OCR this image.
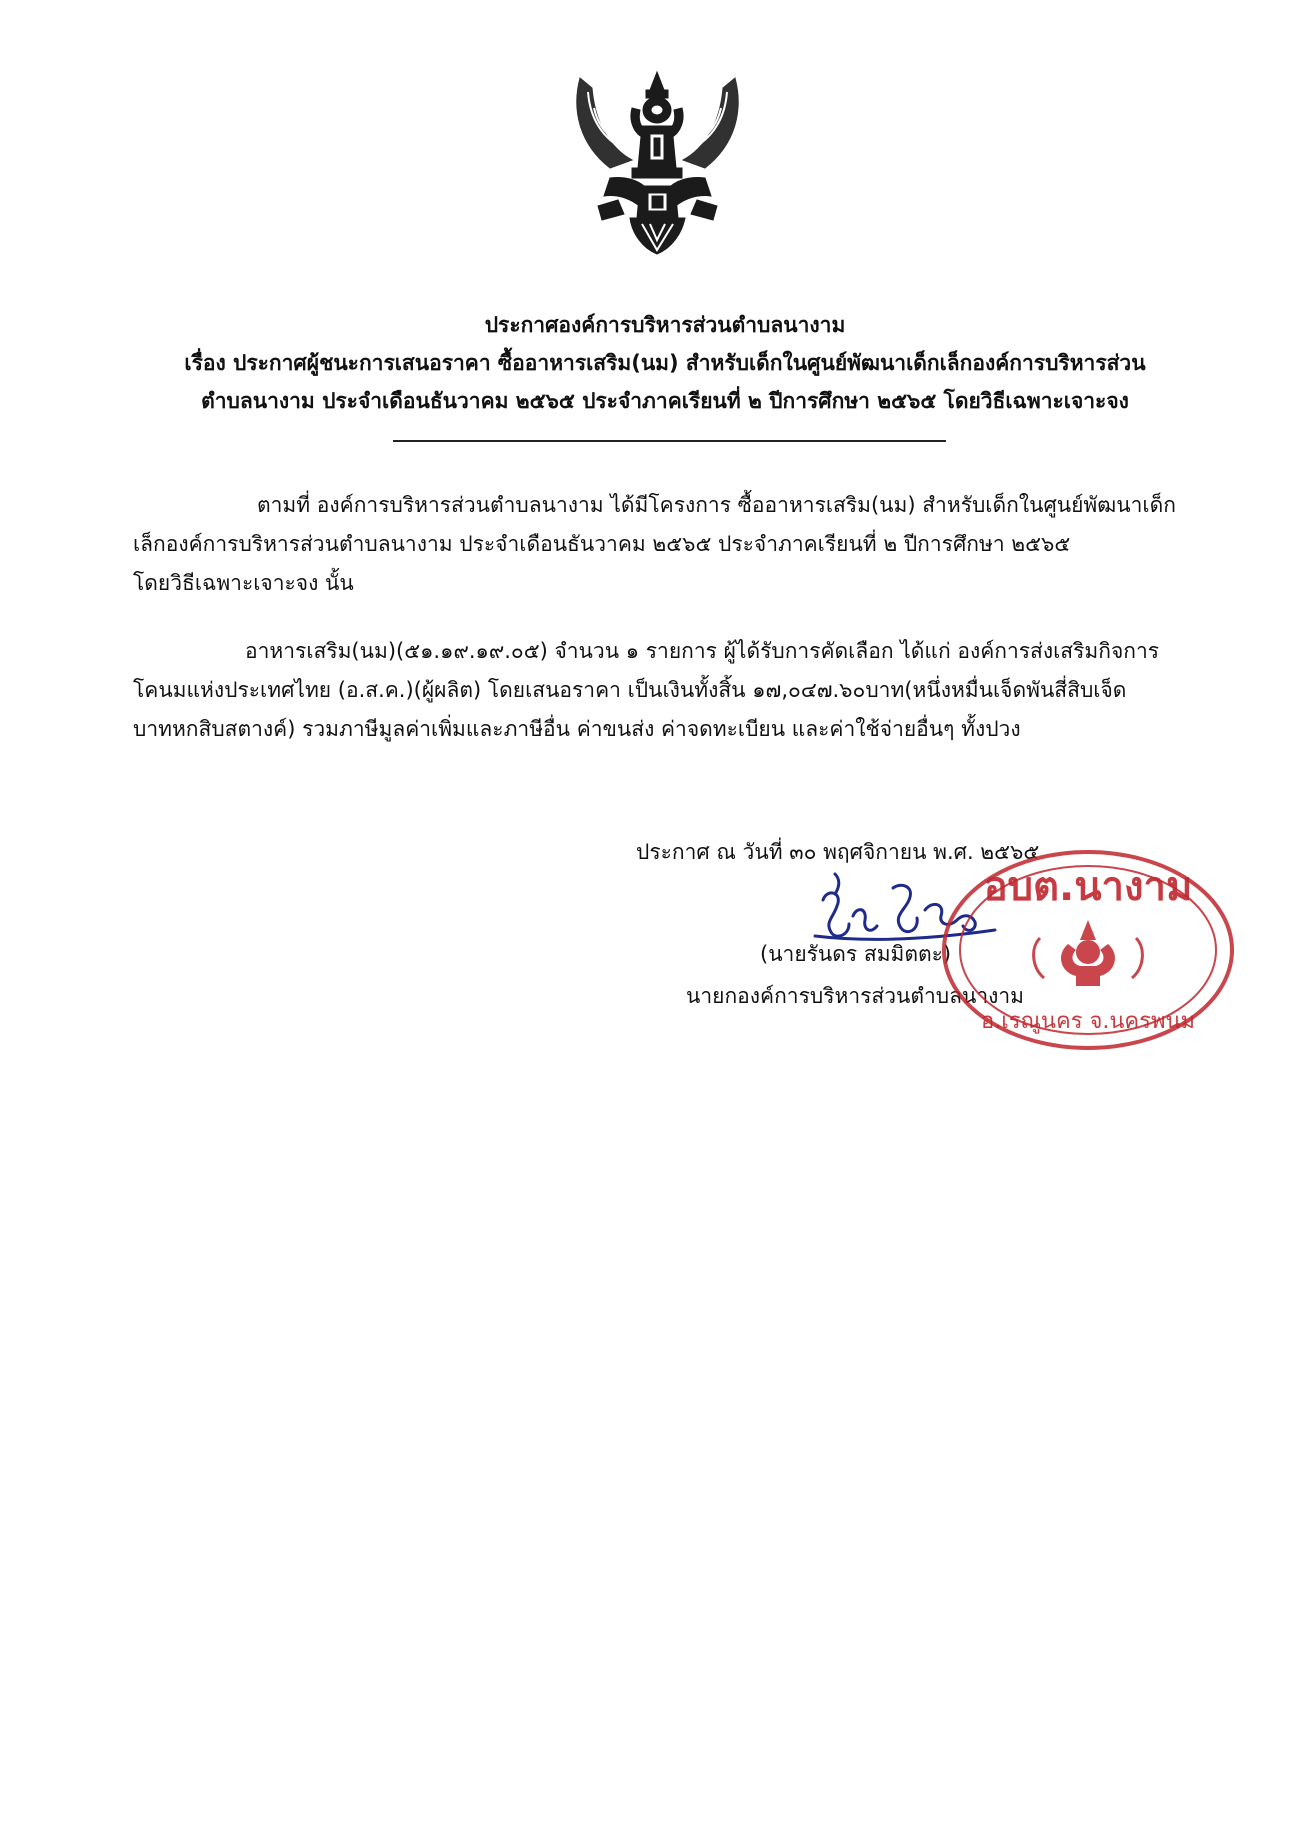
ประกาศองค์การบริหารส่วนตำบลนางาม
เรื่อง ประกาศผู้ชนะการเสนอราคา ซื้ออาหารเสริม(นม) สำหรับเด็กในศูนย์พัฒนาเด็กเล็กองค์การบริหารส่วน
ตำบลนางาม ประจำเดือนธันวาคม ๒๕๖๕ ประจำภาคเรียนที่ ๒ ปีการศึกษา ๒๕๖๕ โดยวิธีเฉพาะเจาะจง
ตามที่ องค์การบริหารส่วนตำบลนางาม ได้มีโครงการ ซื้ออาหารเสริม(นม) สำหรับเด็กในศูนย์พัฒนาเด็ก
เล็กองค์การบริหารส่วนตำบลนางาม ประจำเดือนธันวาคม ๒๕๖๕ ประจำภาคเรียนที่ ๒ ปีการศึกษา ๒๕๖๕
โดยวิธีเฉพาะเจาะจง นั้น
อาหารเสริม(นม)(๕๑.๑๙.๑๙.๐๕) จำนวน ๑ รายการ ผู้ได้รับการคัดเลือก ได้แก่ องค์การส่งเสริมกิจการ
โคนมแห่งประเทศไทย (อ.ส.ค.)(ผู้ผลิต) โดยเสนอราคา เป็นเงินทั้งสิ้น ๑๗,๐๔๗.๖๐บาท(หนึ่งหมื่นเจ็ดพันสี่สิบเจ็ด
บาทหกสิบสตางค์) รวมภาษีมูลค่าเพิ่มและภาษีอื่น ค่าขนส่ง ค่าจดทะเบียน และค่าใช้จ่ายอื่นๆ ทั้งปวง
ประกาศ ณ วันที่ ๓๐ พฤศจิกายน พ.ศ. ๒๕๖๕
(นายรันดร สมมิตตะ)
นายกองค์การบริหารส่วนตำบลนางาม
อบต.นางาม
อ.เรณูนคร จ.นครพนม
